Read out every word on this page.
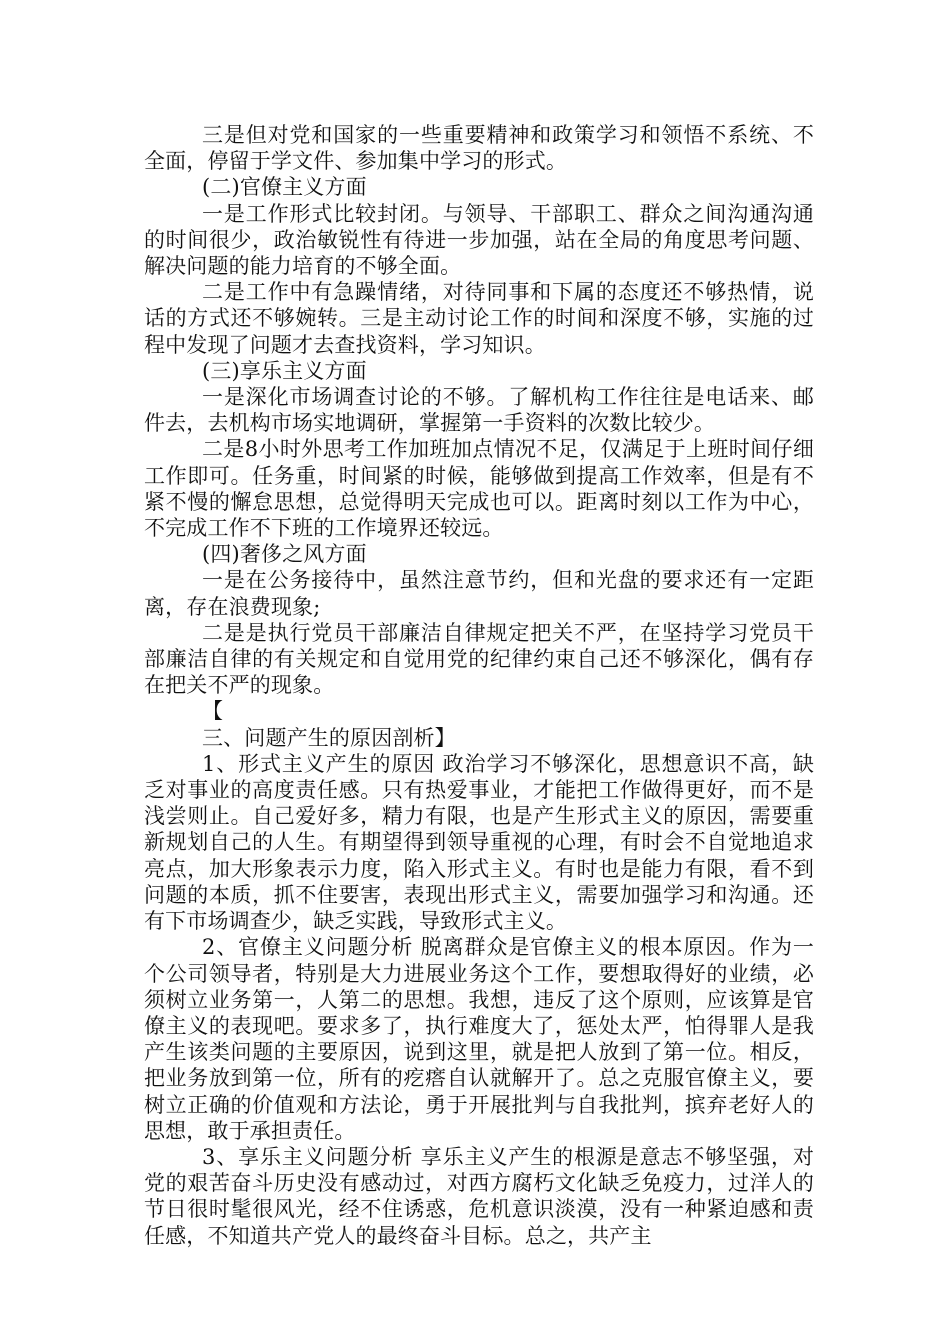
三是但对党和国家的一些重要精神和政策学习和领悟不系统、不全面，停留于学文件、参加集中学习的形式。

(二)官僚主义方面

一是工作形式比较封闭。与领导、干部职工、群众之间沟通沟通的时间很少，政治敏锐性有待进一步加强，站在全局的角度思考问题、解决问题的能力培育的不够全面。

二是工作中有急躁情绪，对待同事和下属的态度还不够热情，说话的方式还不够婉转。三是主动讨论工作的时间和深度不够，实施的过程中发现了问题才去查找资料，学习知识。

(三)享乐主义方面

一是深化市场调查讨论的不够。了解机构工作往往是电话来、邮件去，去机构市场实地调研，掌握第一手资料的次数比较少。

二是8小时外思考工作加班加点情况不足，仅满足于上班时间仔细工作即可。任务重，时间紧的时候，能够做到提高工作效率，但是有不紧不慢的懈怠思想，总觉得明天完成也可以。距离时刻以工作为中心，不完成工作不下班的工作境界还较远。

(四)奢侈之风方面

一是在公务接待中，虽然注意节约，但和光盘的要求还有一定距离，存在浪费现象;

二是是执行党员干部廉洁自律规定把关不严，在坚持学习党员干部廉洁自律的有关规定和自觉用党的纪律约束自己还不够深化，偶有存在把关不严的现象。

【

三、问题产生的原因剖析】

1、形式主义产生的原因 政治学习不够深化，思想意识不高，缺乏对事业的高度责任感。只有热爱事业，才能把工作做得更好，而不是浅尝则止。自己爱好多，精力有限，也是产生形式主义的原因，需要重新规划自己的人生。有期望得到领导重视的心理，有时会不自觉地追求亮点，加大形象表示力度，陷入形式主义。有时也是能力有限，看不到问题的本质，抓不住要害，表现出形式主义，需要加强学习和沟通。还有下市场调查少，缺乏实践，导致形式主义。

2、官僚主义问题分析 脱离群众是官僚主义的根本原因。作为一个公司领导者，特别是大力进展业务这个工作，要想取得好的业绩，必须树立业务第一，人第二的思想。我想，违反了这个原则，应该算是官僚主义的表现吧。要求多了，执行难度大了，惩处太严，怕得罪人是我产生该类问题的主要原因，说到这里，就是把人放到了第一位。相反，把业务放到第一位，所有的疙瘩自认就解开了。总之克服官僚主义，要树立正确的价值观和方法论，勇于开展批判与自我批判，摈弃老好人的思想，敢于承担责任。

3、享乐主义问题分析 享乐主义产生的根源是意志不够坚强，对党的艰苦奋斗历史没有感动过，对西方腐朽文化缺乏免疫力，过洋人的节日很时髦很风光，经不住诱惑，危机意识淡漠，没有一种紧迫感和责任感，不知道共产党人的最终奋斗目标。总之，共产主
